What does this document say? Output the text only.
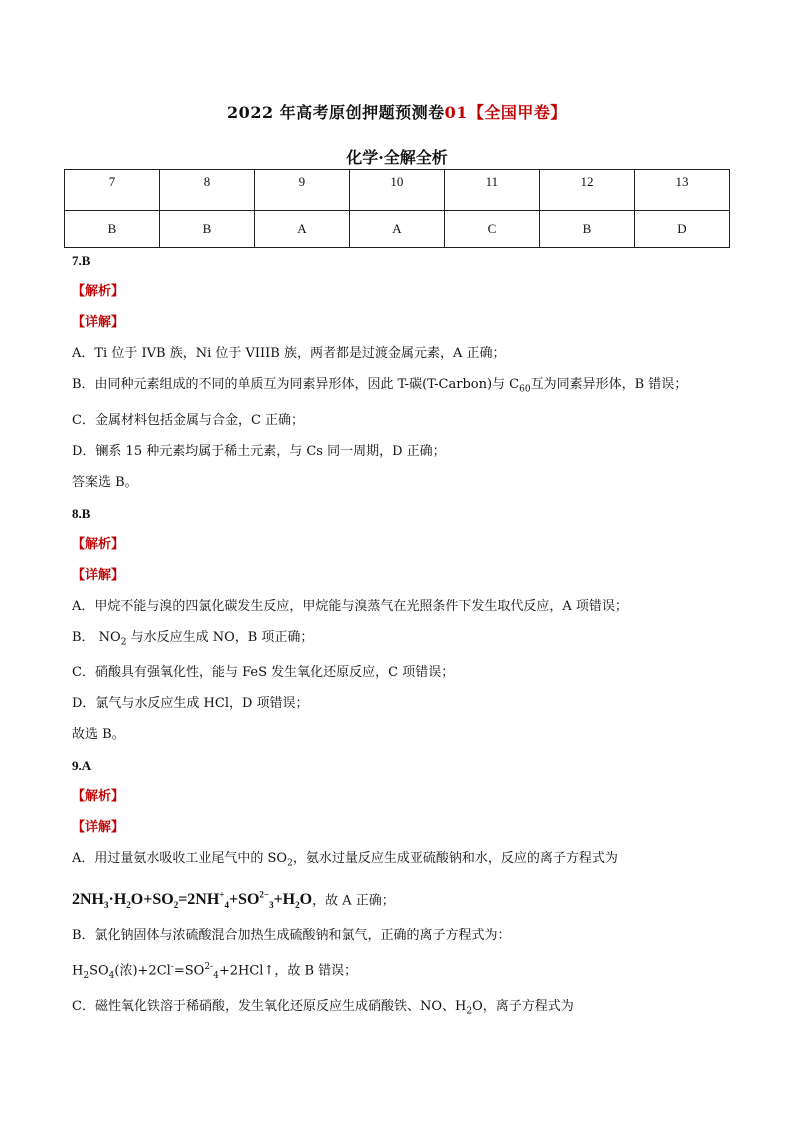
2022 年高考原创押题预测卷01【全国甲卷】
化学·全解全析
7	8	9	10	11	12	13
B	B	A	A	C	B	D
7.B
【解析】
【详解】
A．Ti 位于 IVB 族，Ni 位于 VIIIB 族，两者都是过渡金属元素，A 正确；
B．由同种元素组成的不同的单质互为同素异形体，因此 T-碳(T-Carbon)与 $C_{60}$互为同素异形体，B 错误；
C．金属材料包括金属与合金，C 正确；
D．镧系 15 种元素均属于稀土元素，与 Cs 同一周期，D 正确；
答案选 B。
8.B
【解析】
【详解】
A．甲烷不能与溴的四氯化碳发生反应，甲烷能与溴蒸气在光照条件下发生取代反应，A 项错误；
B． $NO_2$ 与水反应生成 NO，B 项正确；
C．硝酸具有强氧化性，能与 FeS 发生氧化还原反应，C 项错误；
D．氯气与水反应生成 HCl，D 项错误；
故选 B。
9.A
【解析】
【详解】
A．用过量氨水吸收工业尾气中的 $SO_2$，氨水过量反应生成亚硫酸钠和水，反应的离子方程式为
$2NH_3\cdot H_2O+SO_2=2NH^+_4+SO^{2-}_3+H_2O$，故 A 正确；
B．氯化钠固体与浓硫酸混合加热生成硫酸钠和氯气，正确的离子方程式为：
$H_2SO_4$(浓)$+2Cl^-=SO^{2-}_4+2HCl↑$，故 B 错误；
C．磁性氧化铁溶于稀硝酸，发生氧化还原反应生成硝酸铁、NO、$H_2O$，离子方程式为
